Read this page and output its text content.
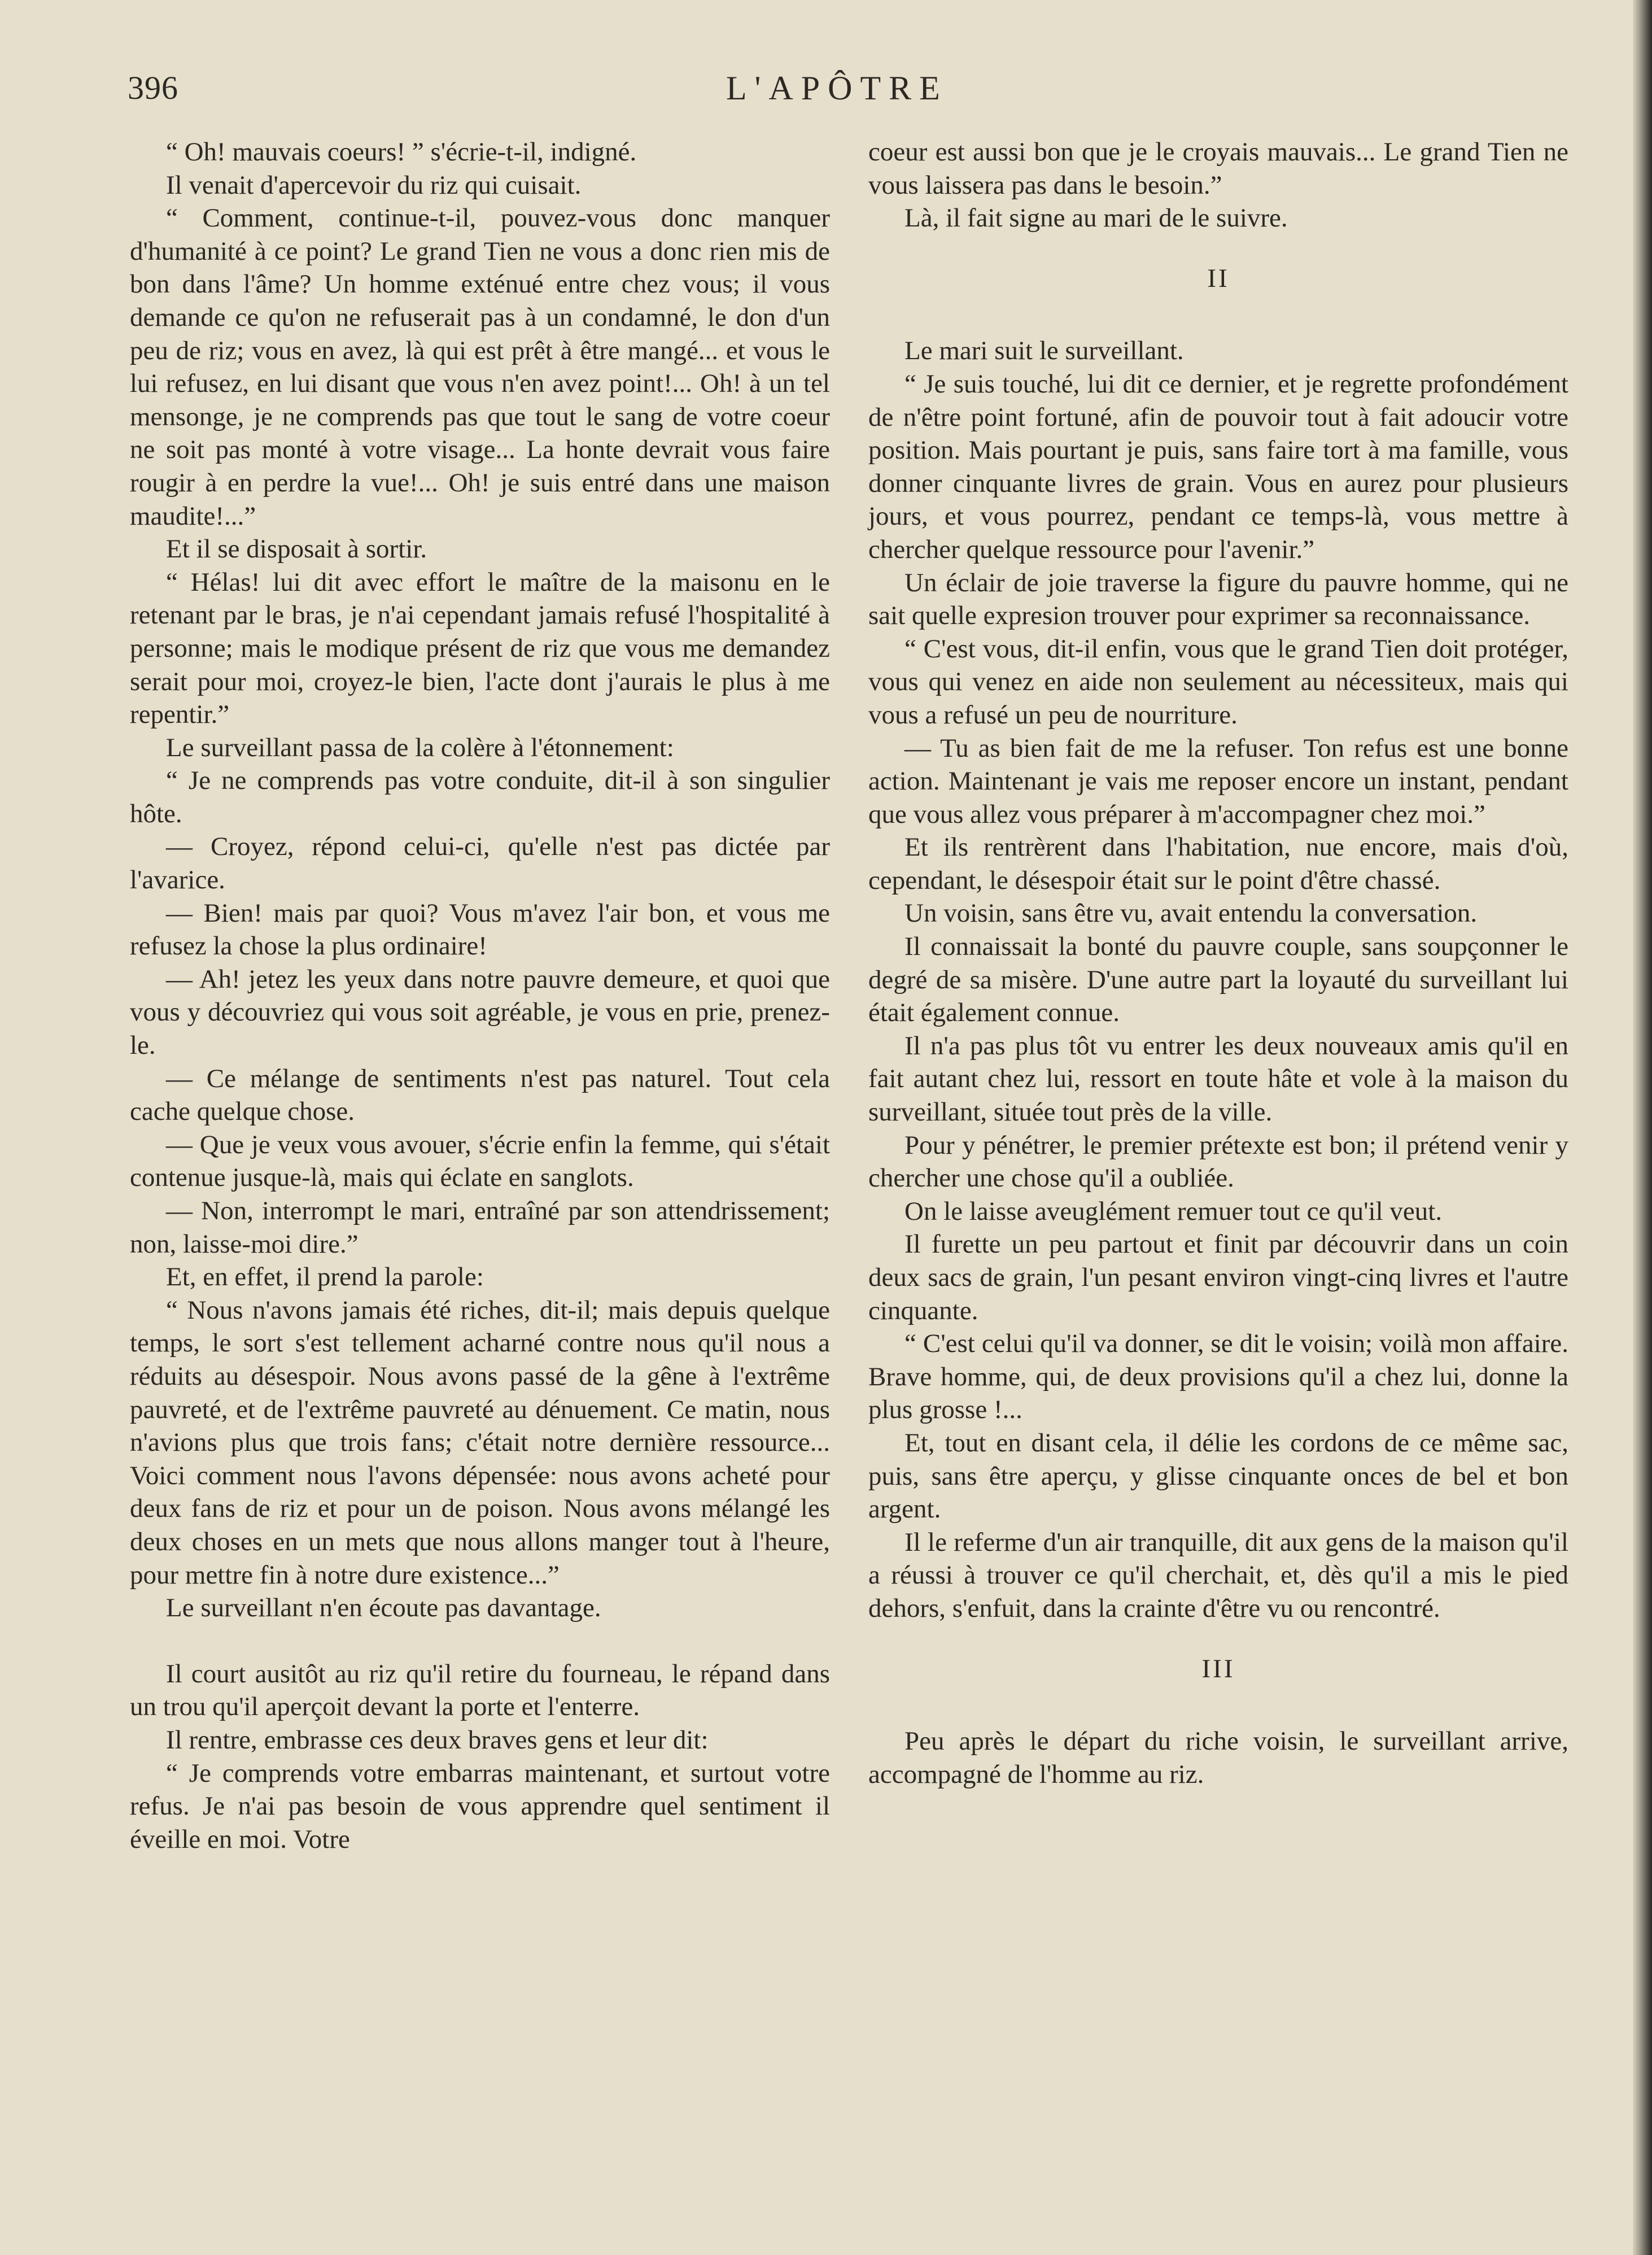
396	L'APÔTRE

“ Oh! mauvais coeurs! ” s'écrie-t-il, indigné.

Il venait d'apercevoir du riz qui cuisait.

“ Comment, continue-t-il, pouvez-vous donc manquer d'humanité à ce point? Le grand Tien ne vous a donc rien mis de bon dans l'âme? Un homme exténué entre chez vous; il vous demande ce qu'on ne refuserait pas à un condamné, le don d'un peu de riz; vous en avez, là qui est prêt à être mangé... et vous le lui refusez, en lui disant que vous n'en avez point!... Oh! à un tel mensonge, je ne comprends pas que tout le sang de votre coeur ne soit pas monté à votre visage... La honte devrait vous faire rougir à en perdre la vue!... Oh! je suis entré dans une maison maudite!...”

Et il se disposait à sortir.

“ Hélas! lui dit avec effort le maître de la maisonu en le retenant par le bras, je n'ai cependant jamais refusé l'hospitalité à personne; mais le modique présent de riz que vous me demandez serait pour moi, croyez-le bien, l'acte dont j'aurais le plus à me repentir.”

Le surveillant passa de la colère à l'étonnement:

“ Je ne comprends pas votre conduite, dit-il à son singulier hôte.

— Croyez, répond celui-ci, qu'elle n'est pas dictée par l'avarice.

— Bien! mais par quoi? Vous m'avez l'air bon, et vous me refusez la chose la plus ordinaire!

— Ah! jetez les yeux dans notre pauvre demeure, et quoi que vous y découvriez qui vous soit agréable, je vous en prie, prenez-le.

— Ce mélange de sentiments n'est pas naturel. Tout cela cache quelque chose.

— Que je veux vous avouer, s'écrie enfin la femme, qui s'était contenue jusque-là, mais qui éclate en sanglots.

— Non, interrompt le mari, entraîné par son attendrissement; non, laisse-moi dire.”

Et, en effet, il prend la parole:

“ Nous n'avons jamais été riches, dit-il; mais depuis quelque temps, le sort s'est tellement acharné contre nous qu'il nous a réduits au désespoir. Nous avons passé de la gêne à l'extrême pauvreté, et de l'extrême pauvreté au dénuement. Ce matin, nous n'avions plus que trois fans; c'était notre dernière ressource... Voici comment nous l'avons dépensée: nous avons acheté pour deux fans de riz et pour un de poison. Nous avons mélangé les deux choses en un mets que nous allons manger tout à l'heure, pour mettre fin à notre dure existence...”

Le surveillant n'en écoute pas davantage.

Il court ausitôt au riz qu'il retire du fourneau, le répand dans un trou qu'il aperçoit devant la porte et l'enterre.

Il rentre, embrasse ces deux braves gens et leur dit:

“ Je comprends votre embarras maintenant, et surtout votre refus. Je n'ai pas besoin de vous apprendre quel sentiment il éveille en moi. Votre

coeur est aussi bon que je le croyais mauvais... Le grand Tien ne vous laissera pas dans le besoin.”

Là, il fait signe au mari de le suivre.

II

Le mari suit le surveillant.

“ Je suis touché, lui dit ce dernier, et je regrette profondément de n'être point fortuné, afin de pouvoir tout à fait adoucir votre position. Mais pourtant je puis, sans faire tort à ma famille, vous donner cinquante livres de grain. Vous en aurez pour plusieurs jours, et vous pourrez, pendant ce temps-là, vous mettre à chercher quelque ressource pour l'avenir.”

Un éclair de joie traverse la figure du pauvre homme, qui ne sait quelle expresion trouver pour exprimer sa reconnaissance.

“ C'est vous, dit-il enfin, vous que le grand Tien doit protéger, vous qui venez en aide non seulement au nécessiteux, mais qui vous a refusé un peu de nourriture.

— Tu as bien fait de me la refuser. Ton refus est une bonne action. Maintenant je vais me reposer encore un instant, pendant que vous allez vous préparer à m'accompagner chez moi.”

Et ils rentrèrent dans l'habitation, nue encore, mais d'où, cependant, le désespoir était sur le point d'être chassé.

Un voisin, sans être vu, avait entendu la conversation.

Il connaissait la bonté du pauvre couple, sans soupçonner le degré de sa misère. D'une autre part la loyauté du surveillant lui était également connue.

Il n'a pas plus tôt vu entrer les deux nouveaux amis qu'il en fait autant chez lui, ressort en toute hâte et vole à la maison du surveillant, située tout près de la ville.

Pour y pénétrer, le premier prétexte est bon; il prétend venir y chercher une chose qu'il a oubliée.

On le laisse aveuglément remuer tout ce qu'il veut.

Il furette un peu partout et finit par découvrir dans un coin deux sacs de grain, l'un pesant environ vingt-cinq livres et l'autre cinquante.

“ C'est celui qu'il va donner, se dit le voisin; voilà mon affaire. Brave homme, qui, de deux provisions qu'il a chez lui, donne la plus grosse !...

Et, tout en disant cela, il délie les cordons de ce même sac, puis, sans être aperçu, y glisse cinquante onces de bel et bon argent.

Il le referme d'un air tranquille, dit aux gens de la maison qu'il a réussi à trouver ce qu'il cherchait, et, dès qu'il a mis le pied dehors, s'enfuit, dans la crainte d'être vu ou rencontré.

III

Peu après le départ du riche voisin, le surveillant arrive, accompagné de l'homme au riz.
